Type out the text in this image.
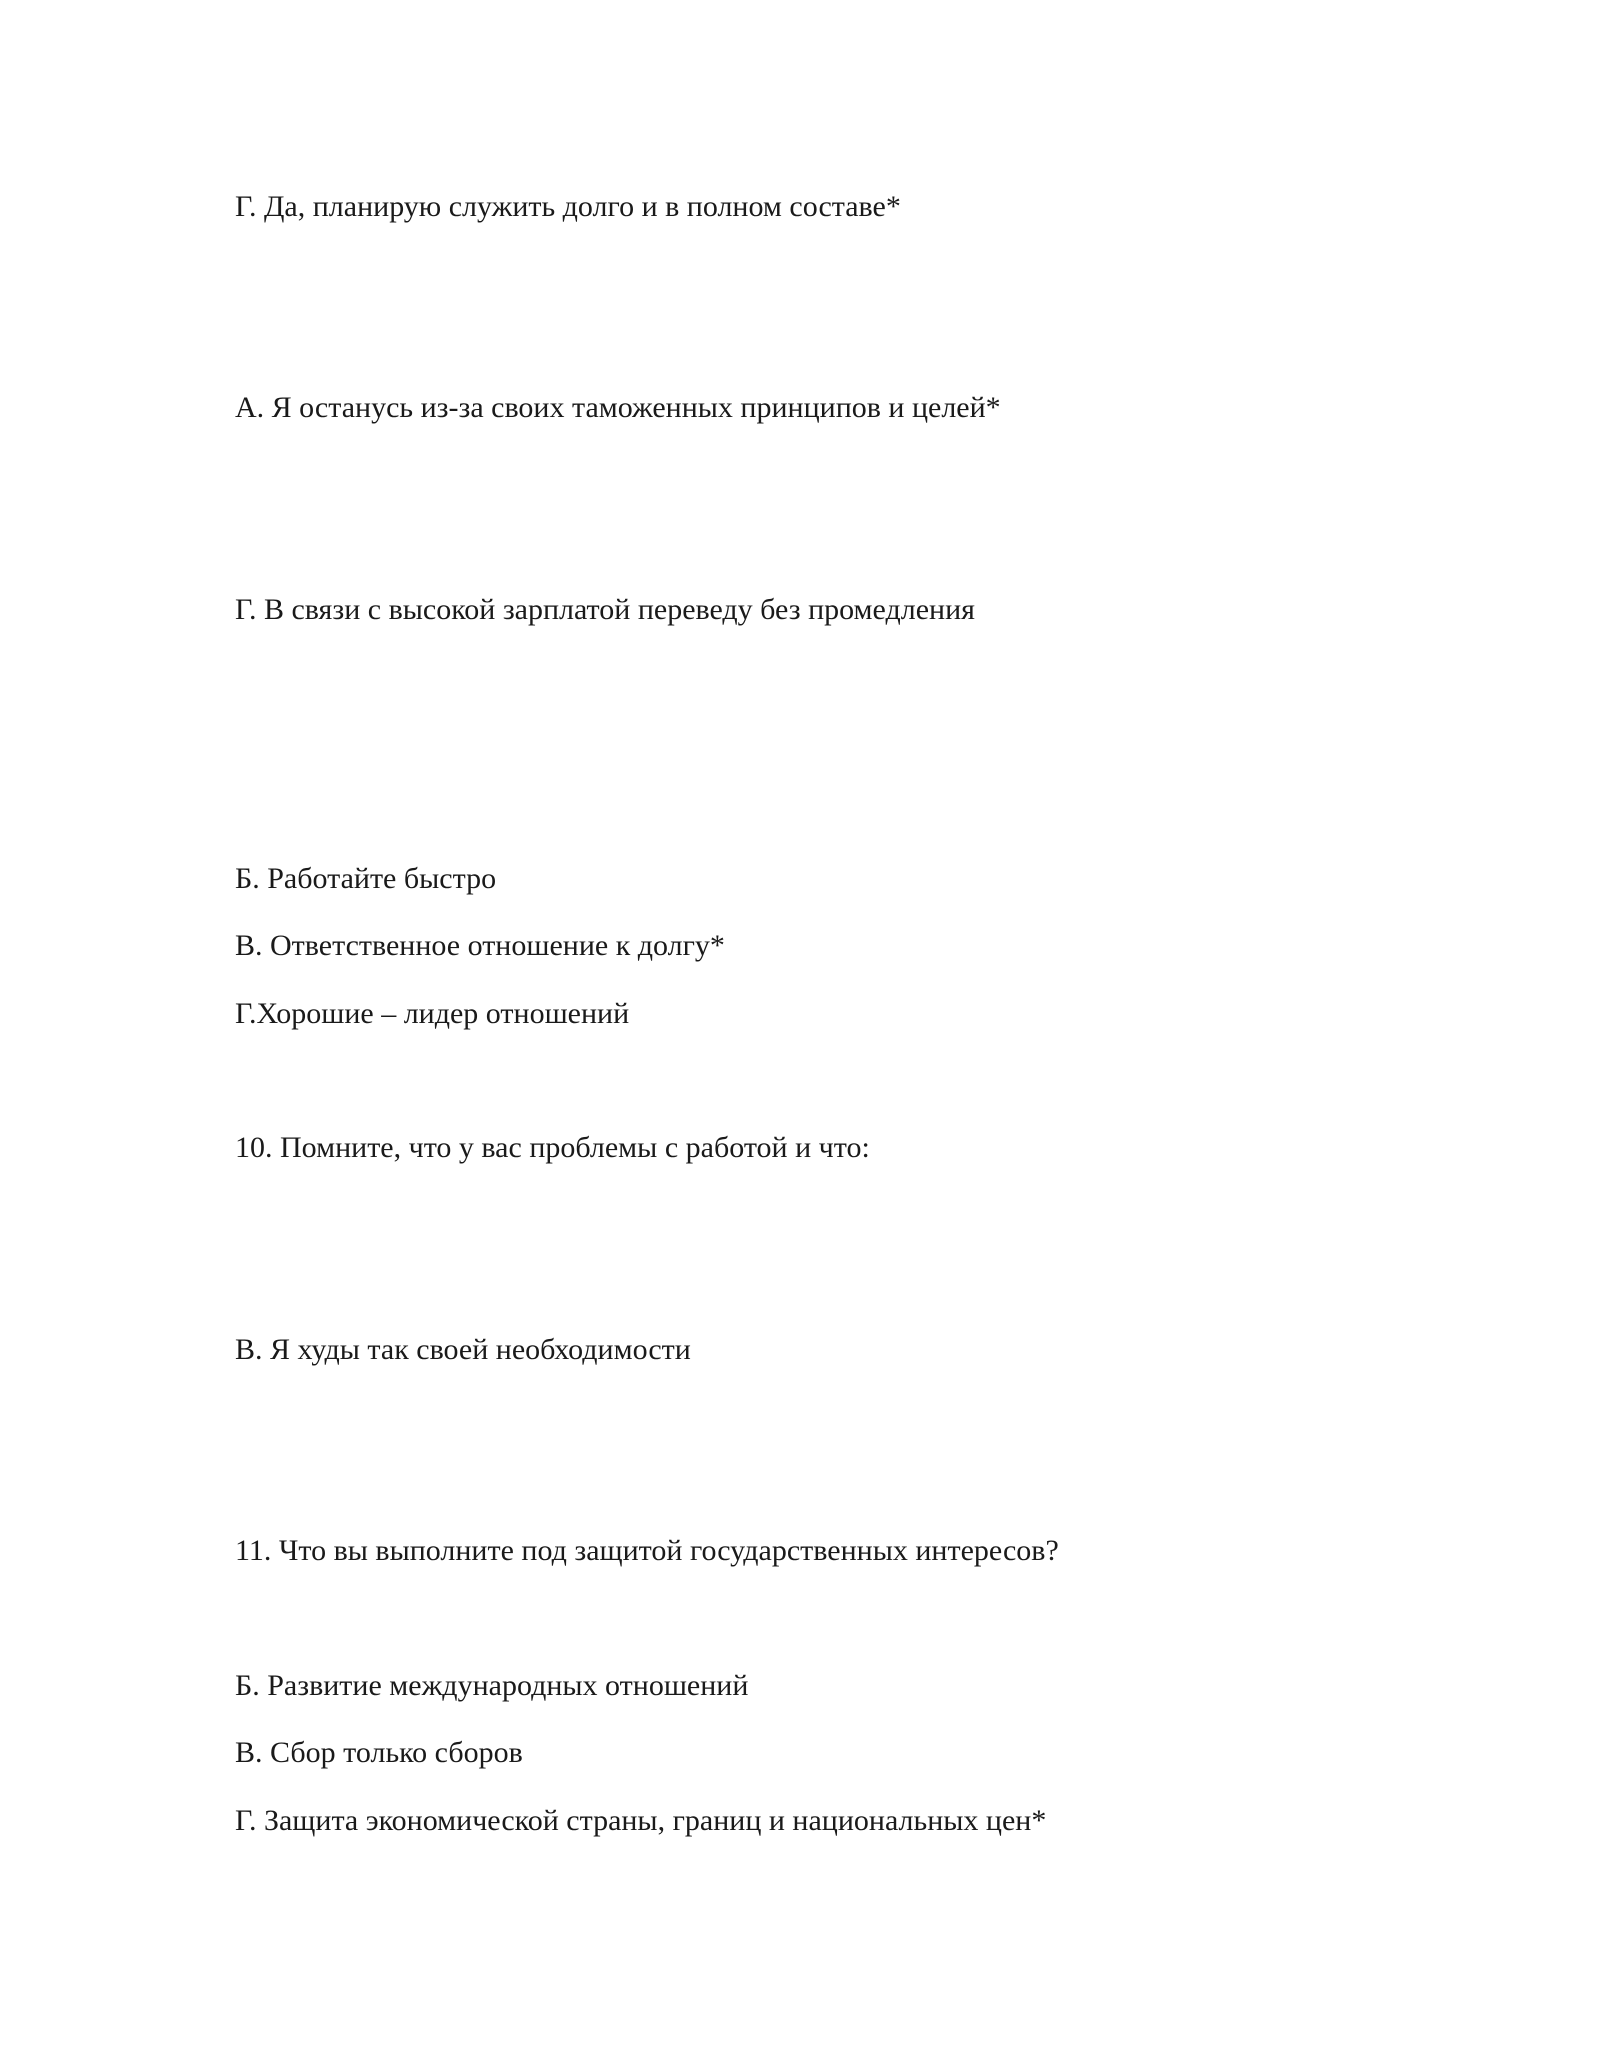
Г. Да, планирую служить долго и в полном составе*
А. Я останусь из-за своих таможенных принципов и целей*
Г. В связи с высокой зарплатой переведу без промедления
Б. Работайте быстро
В. Ответственное отношение к долгу*
Г.Хорошие – лидер отношений
10. Помните, что у вас проблемы с работой и что:
В. Я худы так своей необходимости
11. Что вы выполните под защитой государственных интересов?
Б. Развитие международных отношений
В. Сбор только сборов
Г. Защита экономической страны, границ и национальных цен*
